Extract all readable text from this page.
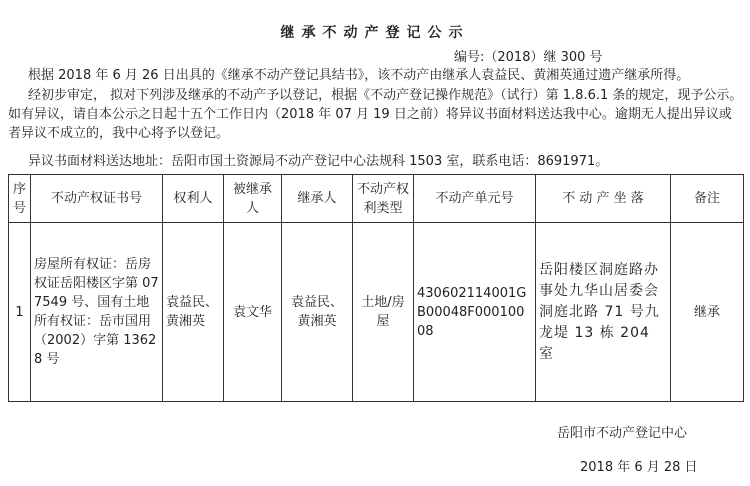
继承不动产登记公示
编号:（2018）继 300 号

根据 2018 年 6 月 26 日出具的《继承不动产登记具结书》，该不动产由继承人袁益民、黄湘英通过遗产继承所得。

经初步审定， 拟对下列涉及继承的不动产予以登记，根据《不动产登记操作规范》（试行）第 1.8.6.1 条的规定，现予公示。如有异议，请自本公示之日起十五个工作日内（2018 年 07 月 19 日之前）将异议书面材料送达我中心。逾期无人提出异议或者异议不成立的，我中心将予以登记。

异议书面材料送达地址：岳阳市国土资源局不动产登记中心法规科 1503 室，联系电话：8691971。

序号	不动产权证书号	权利人	被继承人	继承人	不动产权利类型	不动产单元号	不 动 产 坐 落	备注
1	房屋所有权证：岳房权证岳阳楼区字第 077549 号、国有土地所有权证：岳市国用（2002）字第 13628 号	袁益民、黄湘英	袁文华	袁益民、黄湘英	土地/房屋	430602114001GB00048F00010008	岳阳楼区洞庭路办事处九华山居委会洞庭北路 71 号九龙堤 13 栋 204 室	继承
岳阳市不动产登记中心
2018 年 6 月 28 日
